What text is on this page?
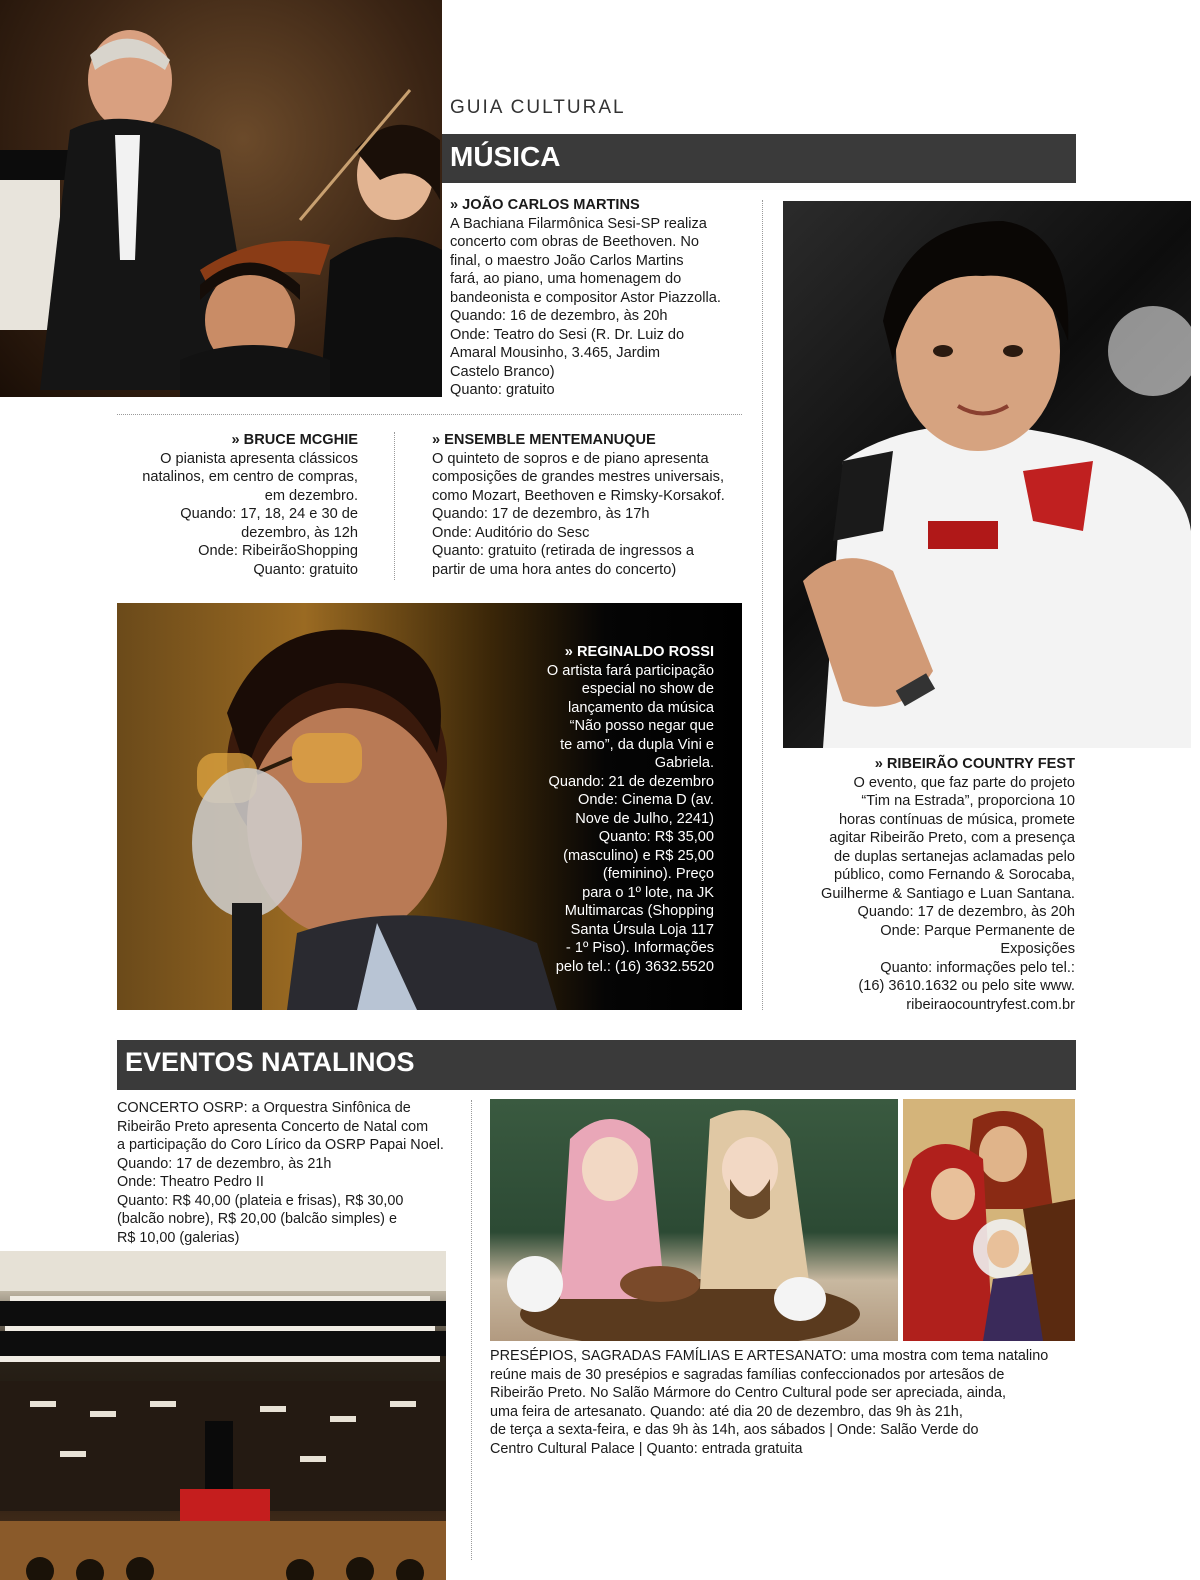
GUIA CULTURAL
MÚSICA
» JOÃO CARLOS MARTINS
A Bachiana Filarmônica Sesi-SP realiza
concerto com obras de Beethoven. No
final, o maestro João Carlos Martins
fará, ao piano, uma homenagem do
bandeonista e compositor Astor Piazzolla.
Quando: 16 de dezembro, às 20h
Onde: Teatro do Sesi (R. Dr. Luiz do
Amaral Mousinho, 3.465, Jardim
Castelo Branco)
Quanto: gratuito
» BRUCE MCGHIE
O pianista apresenta clássicos
natalinos, em centro de compras,
em dezembro.
Quando: 17, 18, 24 e 30 de
dezembro, às 12h
Onde: RibeirãoShopping
Quanto: gratuito
» ENSEMBLE MENTEMANUQUE
O quinteto de sopros e de piano apresenta
composições de grandes mestres universais,
como Mozart, Beethoven e Rimsky-Korsakof.
Quando: 17 de dezembro, às 17h
Onde: Auditório do Sesc
Quanto: gratuito (retirada de ingressos a
partir de uma hora antes do concerto)
» REGINALDO ROSSI
O artista fará participação
especial no show de
lançamento da música
“Não posso negar que
te amo”, da dupla Vini e
Gabriela.
Quando: 21 de dezembro
Onde: Cinema D (av.
Nove de Julho, 2241)
Quanto: R$ 35,00
(masculino) e R$ 25,00
(feminino). Preço
para o 1º lote, na JK
Multimarcas (Shopping
Santa Úrsula Loja 117
- 1º Piso). Informações
pelo tel.: (16) 3632.5520
» RIBEIRÃO COUNTRY FEST
O evento, que faz parte do projeto
“Tim na Estrada”, proporciona 10
horas contínuas de música, promete
agitar Ribeirão Preto, com a presença
de duplas sertanejas aclamadas pelo
público, como Fernando & Sorocaba,
Guilherme & Santiago e Luan Santana.
Quando: 17 de dezembro, às 20h
Onde: Parque Permanente de
Exposições
Quanto: informações pelo tel.:
(16) 3610.1632 ou pelo site www.
ribeiraocountryfest.com.br
EVENTOS NATALINOS
CONCERTO OSRP: a Orquestra Sinfônica de
Ribeirão Preto apresenta Concerto de Natal com
a participação do Coro Lírico da OSRP Papai Noel.
Quando: 17 de dezembro, às 21h
Onde: Theatro Pedro II
Quanto: R$ 40,00 (plateia e frisas), R$ 30,00
(balcão nobre), R$ 20,00 (balcão simples) e
R$ 10,00 (galerias)
PRESÉPIOS, SAGRADAS FAMÍLIAS E ARTESANATO: uma mostra com tema natalino
reúne mais de 30 presépios e sagradas famílias confeccionados por artesãos de
Ribeirão Preto. No Salão Mármore do Centro Cultural pode ser apreciada, ainda,
uma feira de artesanato. Quando: até dia 20 de dezembro, das 9h às 21h,
de terça a sexta-feira, e das 9h às 14h, aos sábados | Onde: Salão Verde do
Centro Cultural Palace | Quanto: entrada gratuita
